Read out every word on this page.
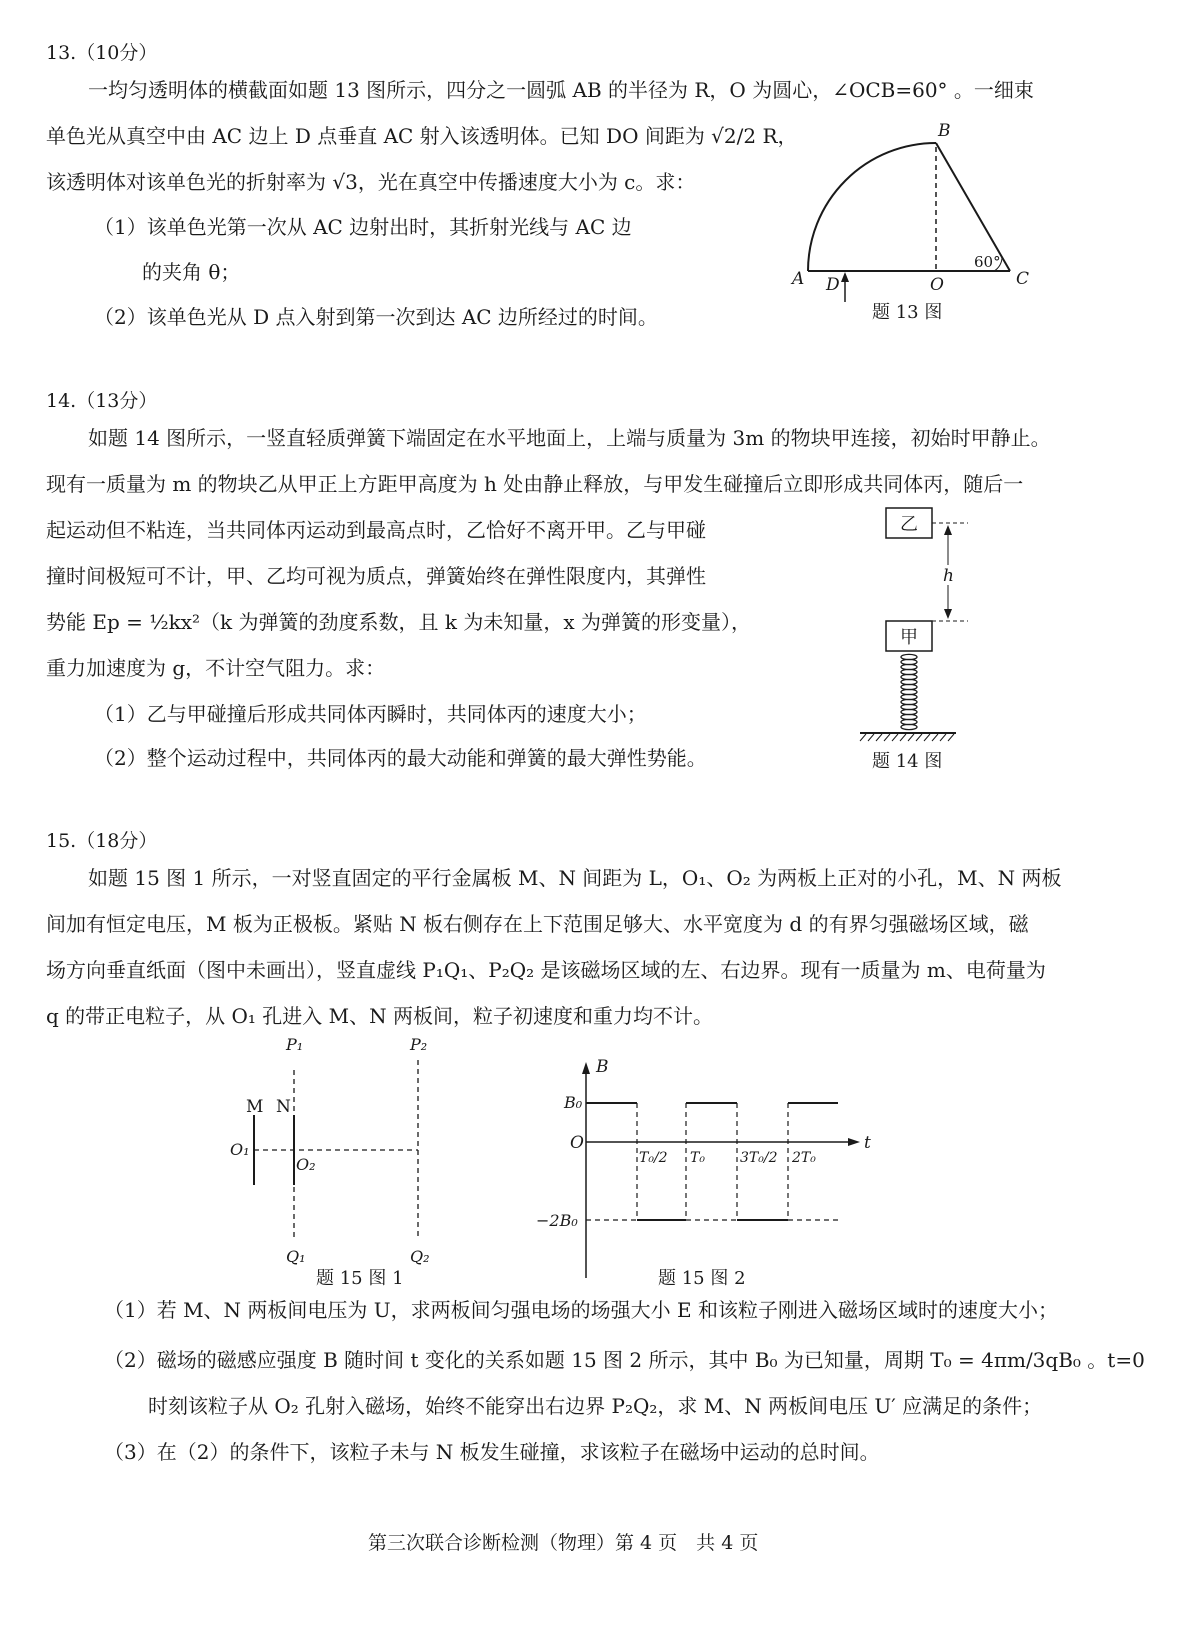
13.（10分）
一均匀透明体的横截面如题 13 图所示，四分之一圆弧 AB 的半径为 R，O 为圆心，∠OCB=60° 。一细束
单色光从真空中由 AC 边上 D 点垂直 AC 射入该透明体。已知 DO 间距为 √2/2 R，
该透明体对该单色光的折射率为 √3，光在真空中传播速度大小为 c。求：
（1）该单色光第一次从 AC 边射出时，其折射光线与 AC 边
的夹角 θ；
（2）该单色光从 D 点入射到第一次到达 AC 边所经过的时间。
A
B
C
D	O
60°
题 13 图
14.（13分）
如题 14 图所示，一竖直轻质弹簧下端固定在水平地面上，上端与质量为 3m 的物块甲连接，初始时甲静止。
现有一质量为 m 的物块乙从甲正上方距甲高度为 h 处由静止释放，与甲发生碰撞后立即形成共同体丙，随后一
起运动但不粘连，当共同体丙运动到最高点时，乙恰好不离开甲。乙与甲碰
撞时间极短可不计，甲、乙均可视为质点，弹簧始终在弹性限度内，其弹性
势能 Ep = ½kx²（k 为弹簧的劲度系数，且 k 为未知量，x 为弹簧的形变量），
重力加速度为 g，不计空气阻力。求：
（1）乙与甲碰撞后形成共同体丙瞬时，共同体丙的速度大小；
（2）整个运动过程中，共同体丙的最大动能和弹簧的最大弹性势能。
乙
甲
h
题 14 图
15.（18分）
如题 15 图 1 所示，一对竖直固定的平行金属板 M、N 间距为 L，O₁、O₂ 为两板上正对的小孔，M、N 两板
间加有恒定电压，M 板为正极板。紧贴 N 板右侧存在上下范围足够大、水平宽度为 d 的有界匀强磁场区域，磁
场方向垂直纸面（图中未画出），竖直虚线 P₁Q₁、P₂Q₂ 是该磁场区域的左、右边界。现有一质量为 m、电荷量为
q 的带正电粒子，从 O₁ 孔进入 M、N 两板间，粒子初速度和重力均不计。
M N
P₁	P₂
Q₁	Q₂
O₁
O₂
题 15 图 1
B
t
O
B₀
−2B₀
T₀/2 T₀	3T₀/2 2T₀
题 15 图 2
（1）若 M、N 两板间电压为 U，求两板间匀强电场的场强大小 E 和该粒子刚进入磁场区域时的速度大小；
（2）磁场的磁感应强度 B 随时间 t 变化的关系如题 15 图 2 所示，其中 B₀ 为已知量，周期 T₀ = 4πm/3qB₀ 。t=0
时刻该粒子从 O₂ 孔射入磁场，始终不能穿出右边界 P₂Q₂，求 M、N 两板间电压 U′ 应满足的条件；
（3）在（2）的条件下，该粒子未与 N 板发生碰撞，求该粒子在磁场中运动的总时间。
第三次联合诊断检测（物理）第 4 页　共 4 页
